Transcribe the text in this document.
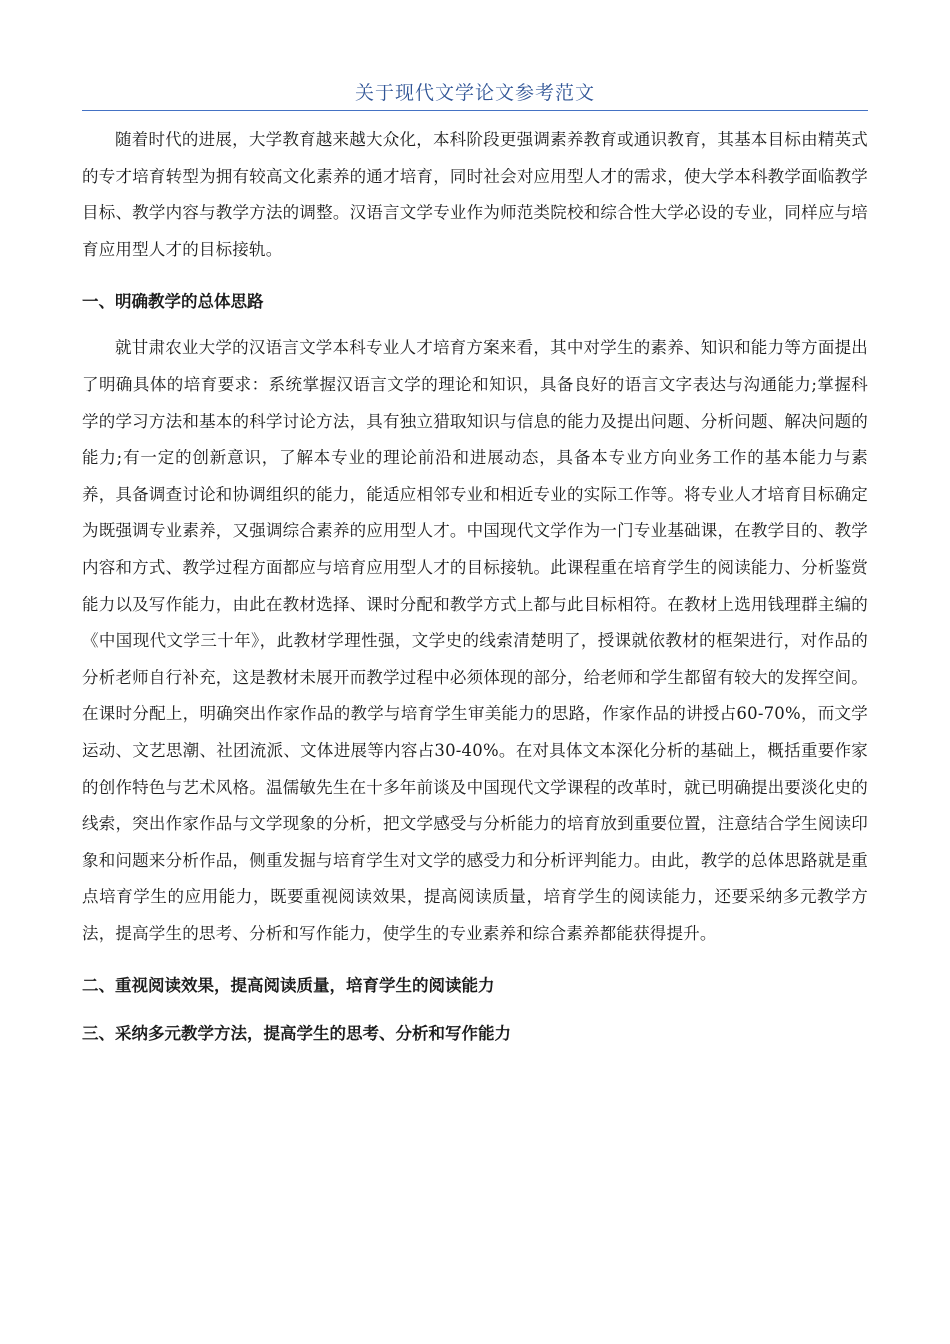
关于现代文学论文参考范文

随着时代的进展，大学教育越来越大众化，本科阶段更强调素养教育或通识教育，其基本目标由精英式的专才培育转型为拥有较高文化素养的通才培育，同时社会对应用型人才的需求，使大学本科教学面临教学目标、教学内容与教学方法的调整。汉语言文学专业作为师范类院校和综合性大学必设的专业，同样应与培育应用型人才的目标接轨。

一、明确教学的总体思路

就甘肃农业大学的汉语言文学本科专业人才培育方案来看，其中对学生的素养、知识和能力等方面提出了明确具体的培育要求：系统掌握汉语言文学的理论和知识，具备良好的语言文字表达与沟通能力;掌握科学的学习方法和基本的科学讨论方法，具有独立猎取知识与信息的能力及提出问题、分析问题、解决问题的能力;有一定的创新意识，了解本专业的理论前沿和进展动态，具备本专业方向业务工作的基本能力与素养，具备调查讨论和协调组织的能力，能适应相邻专业和相近专业的实际工作等。将专业人才培育目标确定为既强调专业素养，又强调综合素养的应用型人才。中国现代文学作为一门专业基础课，在教学目的、教学内容和方式、教学过程方面都应与培育应用型人才的目标接轨。此课程重在培育学生的阅读能力、分析鉴赏能力以及写作能力，由此在教材选择、课时分配和教学方式上都与此目标相符。在教材上选用钱理群主编的《中国现代文学三十年》，此教材学理性强，文学史的线索清楚明了，授课就依教材的框架进行，对作品的分析老师自行补充，这是教材未展开而教学过程中必须体现的部分，给老师和学生都留有较大的发挥空间。在课时分配上，明确突出作家作品的教学与培育学生审美能力的思路，作家作品的讲授占60-70%，而文学运动、文艺思潮、社团流派、文体进展等内容占30-40%。在对具体文本深化分析的基础上，概括重要作家的创作特色与艺术风格。温儒敏先生在十多年前谈及中国现代文学课程的改革时，就已明确提出要淡化史的线索，突出作家作品与文学现象的分析，把文学感受与分析能力的培育放到重要位置，注意结合学生阅读印象和问题来分析作品，侧重发掘与培育学生对文学的感受力和分析评判能力。由此，教学的总体思路就是重点培育学生的应用能力，既要重视阅读效果，提高阅读质量，培育学生的阅读能力，还要采纳多元教学方法，提高学生的思考、分析和写作能力，使学生的专业素养和综合素养都能获得提升。

二、重视阅读效果，提高阅读质量，培育学生的阅读能力
三、采纳多元教学方法，提高学生的思考、分析和写作能力
